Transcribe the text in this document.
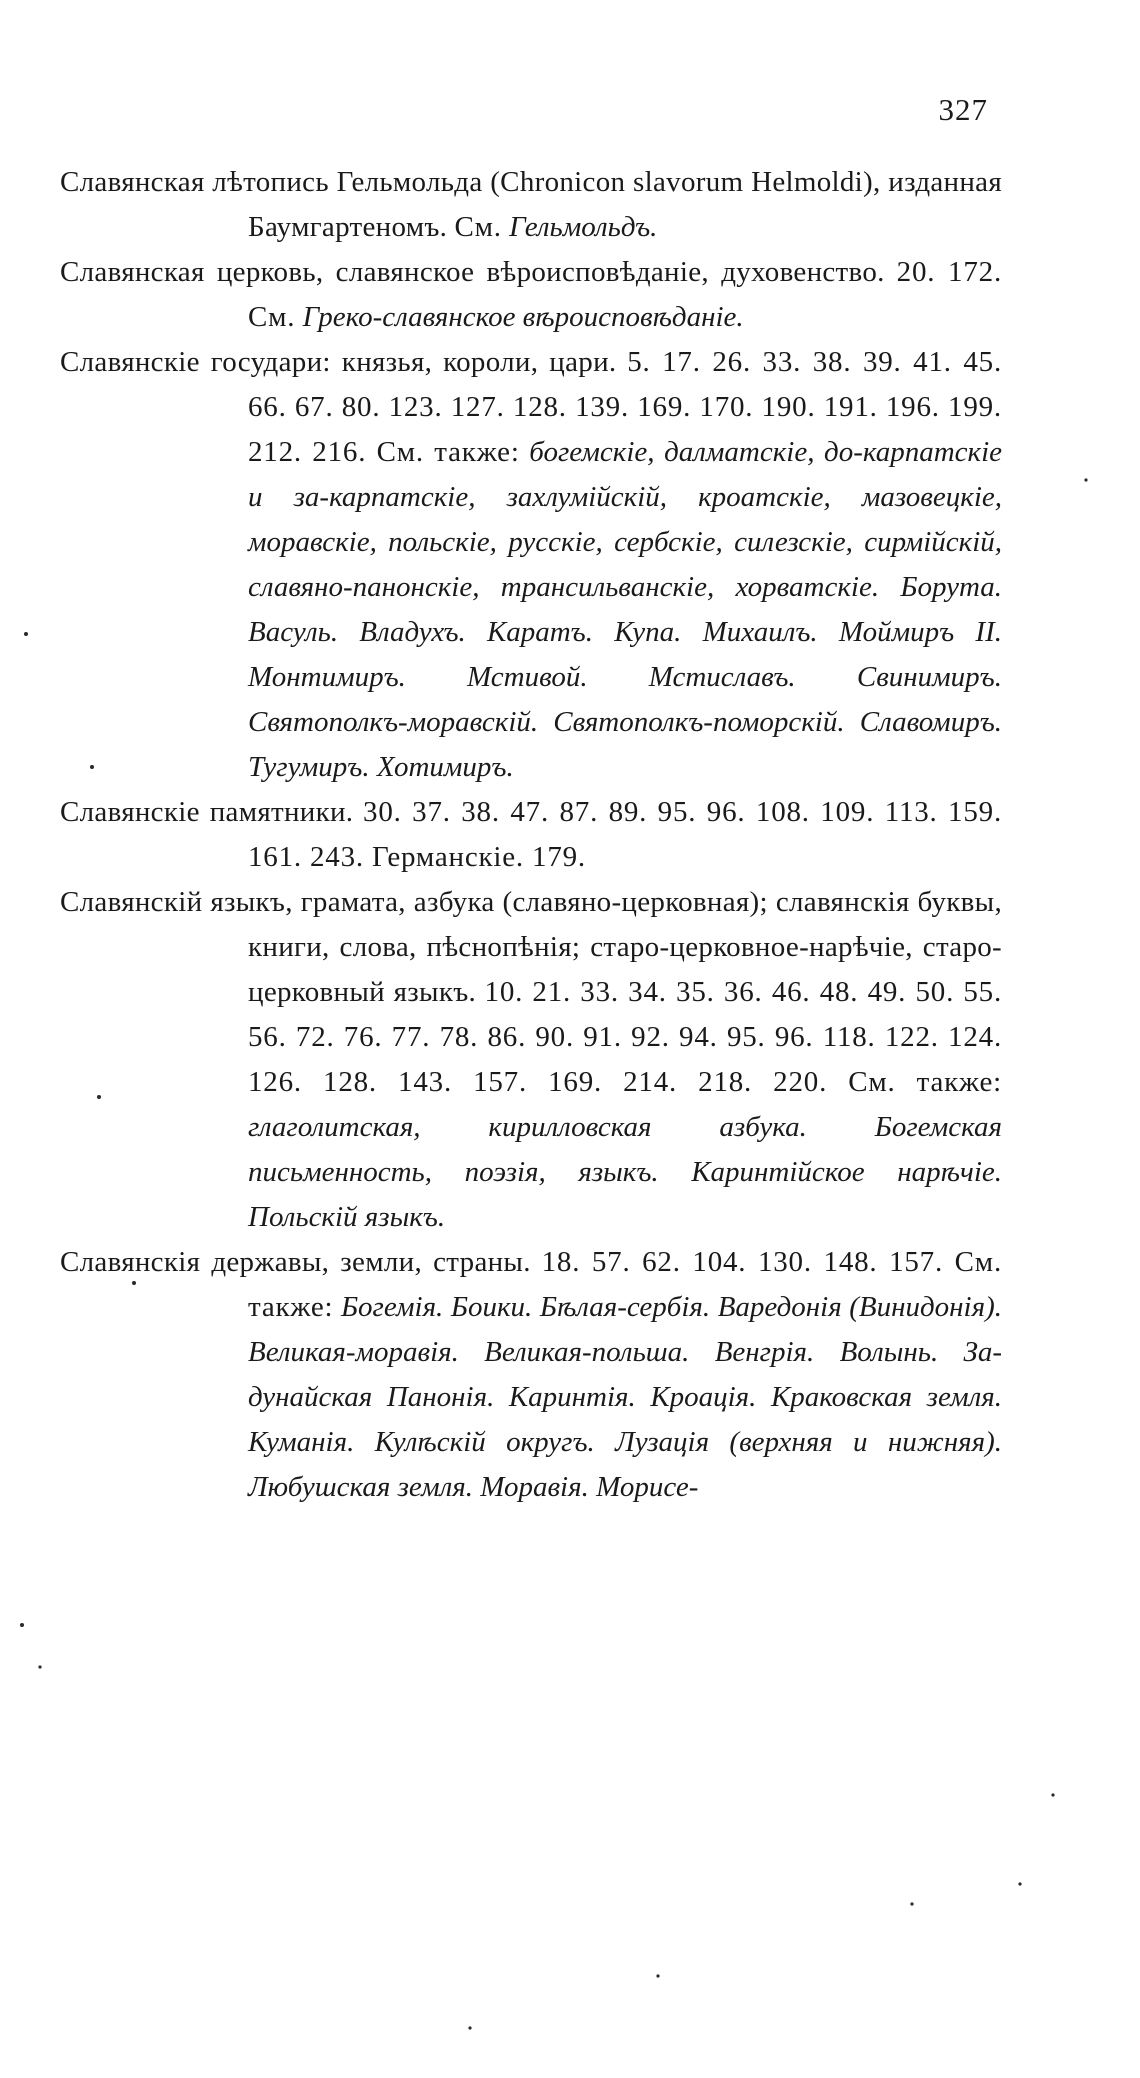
327

Славянская лѣтопись Гельмольда (Chronicon slavorum Helmoldi), изданная Баумгартеномъ. См. Гельмольдъ.

Славянская церковь, славянское вѣроисповѣданіе, духовенство. 20. 172. См. Греко-славянское вѣроисповѣданіе.

Славянскіе государи: князья, короли, цари. 5. 17. 26. 33. 38. 39. 41. 45. 66. 67. 80. 123. 127. 128. 139. 169. 170. 190. 191. 196. 199. 212. 216. См. также: богемскіе, далматскіе, до-карпатскіе и за-карпатскіе, захлумійскій, кроатскіе, мазовецкіе, моравскіе, польскіе, русскіе, сербскіе, силезскіе, сирмійскій, славяно-панонскіе, трансильванскіе, хорватскіе. Борута. Васуль. Владухъ. Каратъ. Купа. Михаилъ. Моймиръ II. Монтимиръ. Мстивой. Мстиславъ. Свинимиръ. Святополкъ-моравскій. Святополкъ-поморскій. Славомиръ. Тугумиръ. Хотимиръ.

Славянскіе памятники. 30. 37. 38. 47. 87. 89. 95. 96. 108. 109. 113. 159. 161. 243. Германскіе. 179.

Славянскій языкъ, грамата, азбука (славяно-церковная); славянскія буквы, книги, слова, пѣснопѣнія; старо-церковное-нарѣчіе, старо-церковный языкъ. 10. 21. 33. 34. 35. 36. 46. 48. 49. 50. 55. 56. 72. 76. 77. 78. 86. 90. 91. 92. 94. 95. 96. 118. 122. 124. 126. 128. 143. 157. 169. 214. 218. 220. См. также: глаголитская, кирилловская азбука. Богемская письменность, поэзія, языкъ. Каринтійское нарѣчіе. Польскій языкъ.

Славянскія державы, земли, страны. 18. 57. 62. 104. 130. 148. 157. См. также: Богемія. Боики. Бѣлая-сербія. Варедонія (Винидонія). Великая-моравія. Великая-польша. Венгрія. Волынь. За-дунайская Панонія. Каринтія. Кроація. Краковская земля. Куманія. Кулѣскій округъ. Лузація (верхняя и нижняя). Любушская земля. Моравія. Морисе-
